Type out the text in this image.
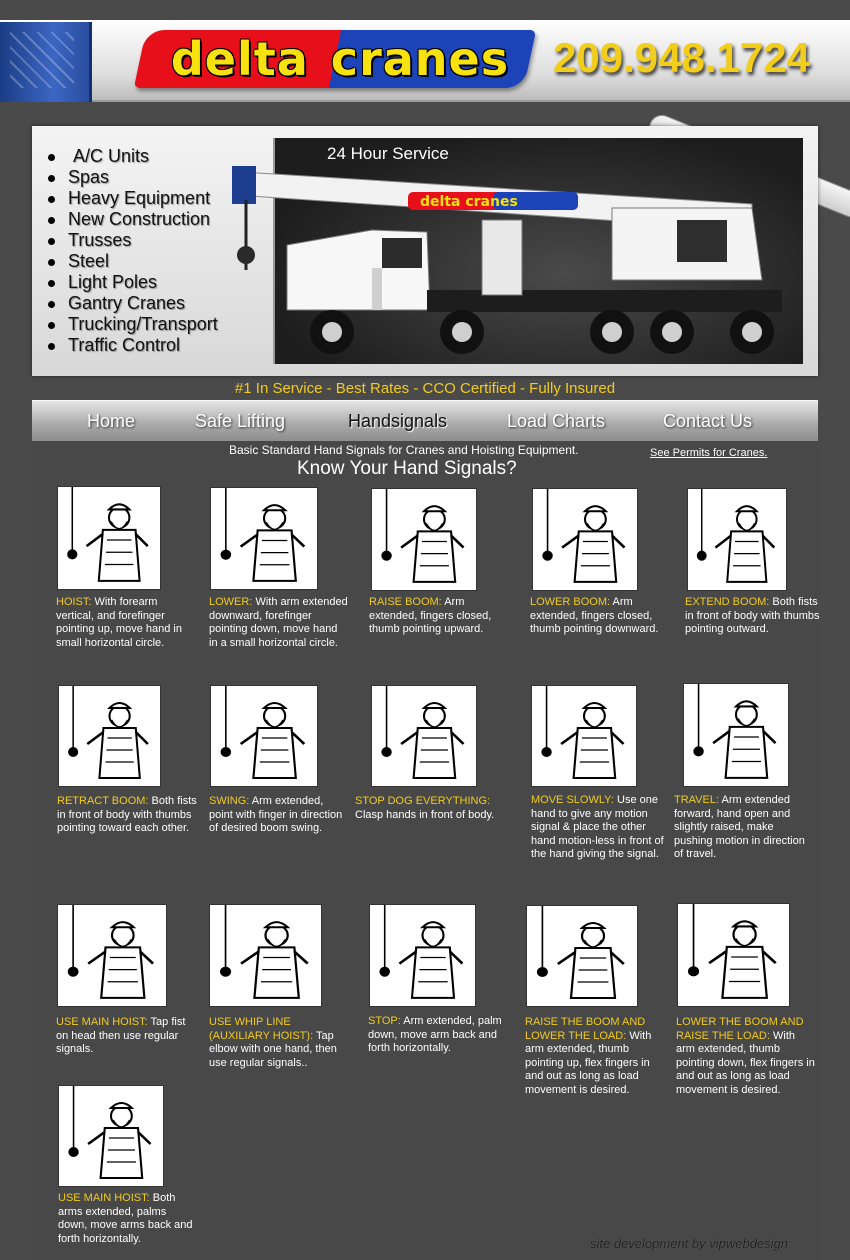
delta cranes 209.948.1724
A/C Units
Spas
Heavy Equipment
New Construction
Trusses
Steel
Light Poles
Gantry Cranes
Trucking/Transport
Traffic Control
24 Hour Service
delta cranes
#1 In Service - Best Rates - CCO Certified - Fully Insured
Home	Safe Lifting	Handsignals	Load Charts	Contact Us
Basic Standard Hand Signals for Cranes and Hoisting Equipment.	See Permits for Cranes.
Know Your Hand Signals?
HOIST: With forearm vertical, and forefinger pointing up, move hand in small horizontal circle.
LOWER: With arm extended downward, forefinger pointing down, move hand in a small horizontal circle.
RAISE BOOM: Arm extended, fingers closed, thumb pointing upward.
LOWER BOOM: Arm extended, fingers closed, thumb pointing downward.
EXTEND BOOM: Both fists in front of body with thumbs pointing outward.
RETRACT BOOM: Both fists in front of body with thumbs pointing toward each other.
SWING: Arm extended, point with finger in direction of desired boom swing.
STOP DOG EVERYTHING: Clasp hands in front of body.
MOVE SLOWLY: Use one hand to give any motion signal & place the other hand motion-less in front of the hand giving the signal.
TRAVEL: Arm extended forward, hand open and slightly raised, make pushing motion in direction of travel.
USE MAIN HOIST: Tap fist on head then use regular signals.
USE WHIP LINE (AUXILIARY HOIST): Tap elbow with one hand, then use regular signals..
STOP: Arm extended, palm down, move arm back and forth horizontally.
RAISE THE BOOM AND LOWER THE LOAD: With arm extended, thumb pointing up, flex fingers in and out as long as load movement is desired.
LOWER THE BOOM AND RAISE THE LOAD: With arm extended, thumb pointing down, flex fingers in and out as long as load movement is desired.
USE MAIN HOIST: Both arms extended, palms down, move arms back and forth horizontally.	site development by vipwebdesign
